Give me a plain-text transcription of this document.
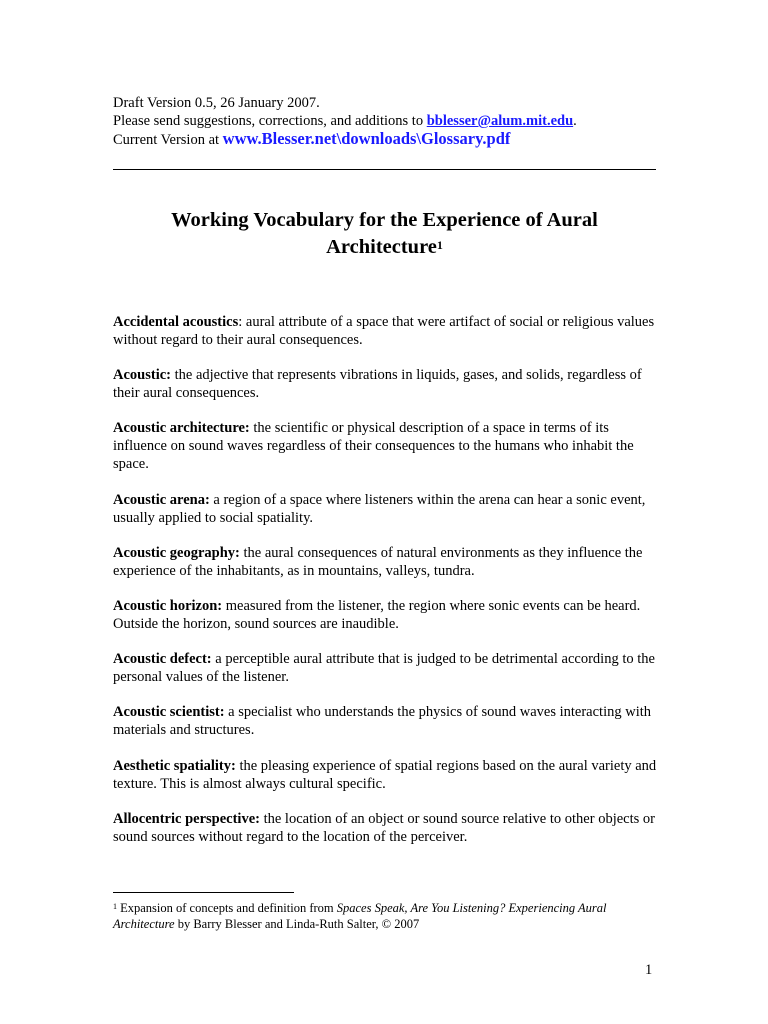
Draft Version 0.5, 26 January 2007.
Please send suggestions, corrections, and additions to bblesser@alum.mit.edu.
Current Version at www.Blesser.net\downloads\Glossary.pdf
Working Vocabulary for the Experience of Aural
Architecture$^1$

Accidental acoustics: aural attribute of a space that were artifact of social or religious values without regard to their aural consequences.

Acoustic: the adjective that represents vibrations in liquids, gases, and solids, regardless of their aural consequences.

Acoustic architecture: the scientific or physical description of a space in terms of its influence on sound waves regardless of their consequences to the humans who inhabit the space.

Acoustic arena: a region of a space where listeners within the arena can hear a sonic event, usually applied to social spatiality.

Acoustic geography: the aural consequences of natural environments as they influence the experience of the inhabitants, as in mountains, valleys, tundra.

Acoustic horizon: measured from the listener, the region where sonic events can be heard. Outside the horizon, sound sources are inaudible.

Acoustic defect: a perceptible aural attribute that is judged to be detrimental according to the personal values of the listener.

Acoustic scientist: a specialist who understands the physics of sound waves interacting with materials and structures.

Aesthetic spatiality: the pleasing experience of spatial regions based on the aural variety and texture. This is almost always cultural specific.

Allocentric perspective: the location of an object or sound source relative to other objects or sound sources without regard to the location of the perceiver.

$^1$ Expansion of concepts and definition from Spaces Speak, Are You Listening? Experiencing Aural Architecture by Barry Blesser and Linda-Ruth Salter, © 2007
1
